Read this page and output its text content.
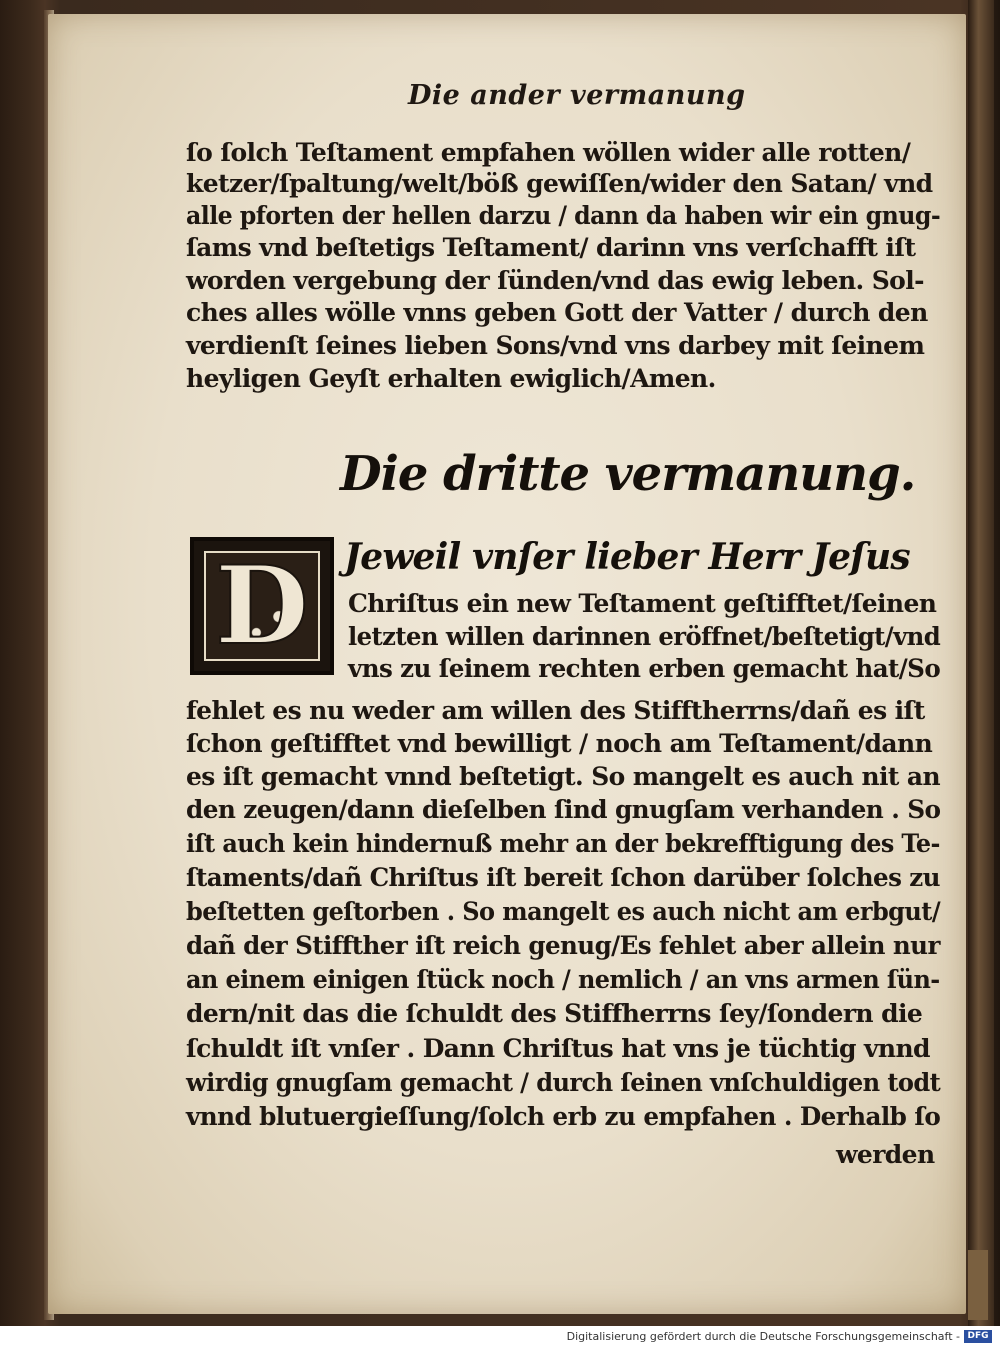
Die ander vermanung
ſo ſolch Teſtament empfahen wöllen wider alle rotten/
ketzer/ſpaltung/welt/böß gewiſſen/wider den Satan/ vnd
alle pforten der hellen darzu / dann da haben wir ein gnug-
ſams vnd beſtetigs Teſtament/ darinn vns verſchafft iſt
worden vergebung der ſünden/vnd das ewig leben. Sol-
ches alles wölle vnns geben Gott der Vatter / durch den
verdienſt ſeines lieben Sons/vnd vns darbey mit ſeinem
heyligen Geyſt erhalten ewiglich/Amen.
Die dritte vermanung.
D Jeweil vnſer lieber Herr Jeſus
Chriſtus ein new Teſtament geſtifftet/ſeinen
letzten willen darinnen eröffnet/beſtetigt/vnd
vns zu ſeinem rechten erben gemacht hat/So
fehlet es nu weder am willen des Stifftherrns/dañ es iſt
ſchon geſtifftet vnd bewilligt / noch am Teſtament/dann
es iſt gemacht vnnd beſtetigt. So mangelt es auch nit an
den zeugen/dann dieſelben ſind gnugſam verhanden . So
iſt auch kein hindernuß mehr an der bekrefftigung des Te-
ſtaments/dañ Chriſtus iſt bereit ſchon darüber ſolches zu
beſtetten geſtorben . So mangelt es auch nicht am erbgut/
dañ der Stiffther iſt reich genug/Es fehlet aber allein nur
an einem einigen ſtück noch / nemlich / an vns armen ſün-
dern/nit das die ſchuldt des Stiffherrns ſey/ſondern die
ſchuldt iſt vnſer . Dann Chriſtus hat vns je tüchtig vnnd
wirdig gnugſam gemacht / durch ſeinen vnſchuldigen todt
vnnd blutuergieſſung/ſolch erb zu empfahen . Derhalb ſo
werden
Digitalisierung gefördert durch die Deutsche Forschungsgemeinschaft - DFG
